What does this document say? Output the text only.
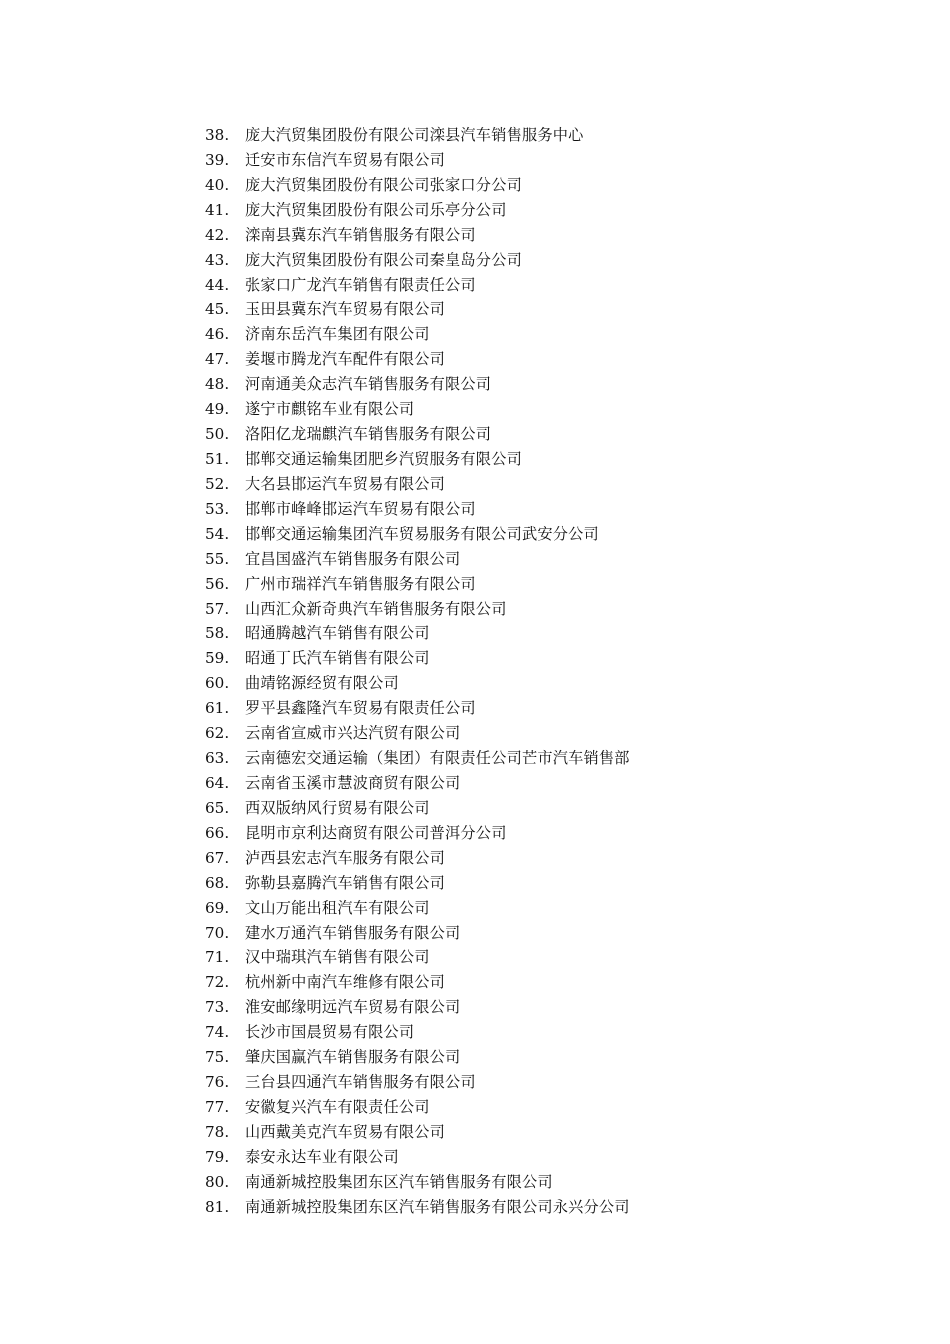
38. 庞大汽贸集团股份有限公司滦县汽车销售服务中心
39. 迁安市东信汽车贸易有限公司
40. 庞大汽贸集团股份有限公司张家口分公司
41. 庞大汽贸集团股份有限公司乐亭分公司
42. 滦南县冀东汽车销售服务有限公司
43. 庞大汽贸集团股份有限公司秦皇岛分公司
44. 张家口广龙汽车销售有限责任公司
45. 玉田县冀东汽车贸易有限公司
46. 济南东岳汽车集团有限公司
47. 姜堰市腾龙汽车配件有限公司
48. 河南通美众志汽车销售服务有限公司
49. 遂宁市麒铭车业有限公司
50. 洛阳亿龙瑞麒汽车销售服务有限公司
51. 邯郸交通运输集团肥乡汽贸服务有限公司
52. 大名县邯运汽车贸易有限公司
53. 邯郸市峰峰邯运汽车贸易有限公司
54. 邯郸交通运输集团汽车贸易服务有限公司武安分公司
55. 宜昌国盛汽车销售服务有限公司
56. 广州市瑞祥汽车销售服务有限公司
57. 山西汇众新奇典汽车销售服务有限公司
58. 昭通腾越汽车销售有限公司
59. 昭通丁氏汽车销售有限公司
60. 曲靖铭源经贸有限公司
61. 罗平县鑫隆汽车贸易有限责任公司
62. 云南省宣威市兴达汽贸有限公司
63. 云南德宏交通运输（集团）有限责任公司芒市汽车销售部
64. 云南省玉溪市慧波商贸有限公司
65. 西双版纳风行贸易有限公司
66. 昆明市京利达商贸有限公司普洱分公司
67. 泸西县宏志汽车服务有限公司
68. 弥勒县嘉腾汽车销售有限公司
69. 文山万能出租汽车有限公司
70. 建水万通汽车销售服务有限公司
71. 汉中瑞琪汽车销售有限公司
72. 杭州新中南汽车维修有限公司
73. 淮安邮缘明远汽车贸易有限公司
74. 长沙市国晨贸易有限公司
75. 肇庆国赢汽车销售服务有限公司
76. 三台县四通汽车销售服务有限公司
77. 安徽复兴汽车有限责任公司
78. 山西戴美克汽车贸易有限公司
79. 泰安永达车业有限公司
80. 南通新城控股集团东区汽车销售服务有限公司
81. 南通新城控股集团东区汽车销售服务有限公司永兴分公司
